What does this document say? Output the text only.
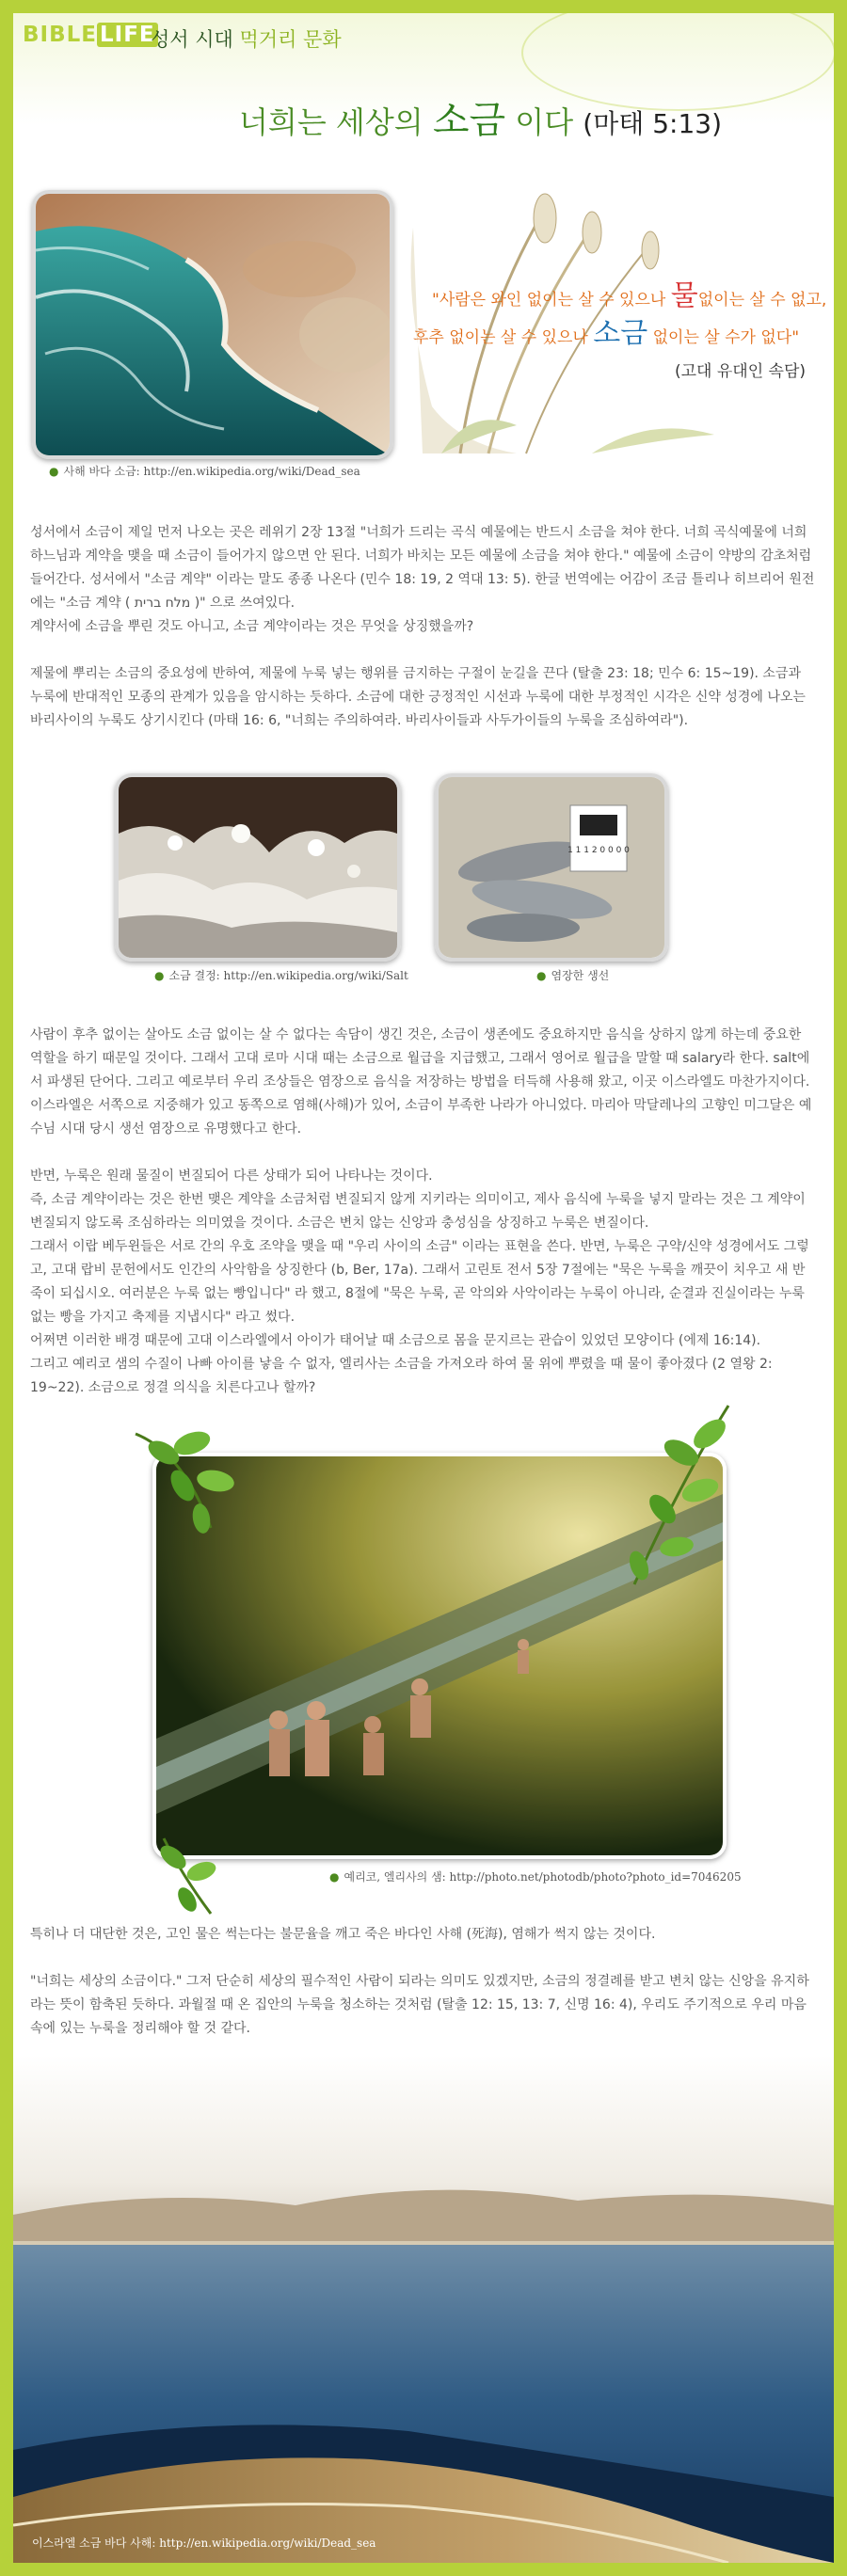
BIBLE LIFE
성서 시대 먹거리 문화
너희는 세상의 소금 이다 (마태 5:13)
● 사해 바다 소금: http://en.wikipedia.org/wiki/Dead_sea
"사람은 와인 없이는 살 수 있으나 물없이는 살 수 없고,
후추 없이는 살 수 있으나 소금 없이는 살 수가 없다"
(고대 유대인 속담)

성서에서 소금이 제일 먼저 나오는 곳은 레위기 2장 13절 "너희가 드리는 곡식 예물에는 반드시 소금을 쳐야 한다. 너희 곡식예물에 너희 하느님과 계약을 맺을 때 소금이 들어가지 않으면 안 된다. 너희가 바치는 모든 예물에 소금을 쳐야 한다." 예물에 소금이 약방의 감초처럼 들어간다. 성서에서 "소금 계약" 이라는 말도 종종 나온다 (민수 18: 19, 2 역대 13: 5). 한글 번역에는 어감이 조금 틀리나 히브리어 원전에는 "소금 계약 ( מלח ברית )" 으로 쓰여있다.

계약서에 소금을 뿌린 것도 아니고, 소금 계약이라는 것은 무엇을 상징했을까?

제물에 뿌리는 소금의 중요성에 반하여, 제물에 누룩 넣는 행위를 금지하는 구절이 눈길을 끈다 (탈출 23: 18; 민수 6: 15~19). 소금과 누룩에 반대적인 모종의 관계가 있음을 암시하는 듯하다. 소금에 대한 긍정적인 시선과 누룩에 대한 부정적인 시각은 신약 성경에 나오는 바리사이의 누룩도 상기시킨다 (마태 16: 6, "너희는 주의하여라. 바리사이들과 사두가이들의 누룩을 조심하여라").

1 1 1 2 0 0 0 0
● 소금 결정: http://en.wikipedia.org/wiki/Salt	● 염장한 생선

사람이 후추 없이는 살아도 소금 없이는 살 수 없다는 속담이 생긴 것은, 소금이 생존에도 중요하지만 음식을 상하지 않게 하는데 중요한 역할을 하기 때문일 것이다. 그래서 고대 로마 시대 때는 소금으로 월급을 지급했고, 그래서 영어로 월급을 말할 때 salary라 한다. salt에서 파생된 단어다. 그리고 예로부터 우리 조상들은 염장으로 음식을 저장하는 방법을 터득해 사용해 왔고, 이곳 이스라엘도 마찬가지이다. 이스라엘은 서쪽으로 지중해가 있고 동쪽으로 염해(사해)가 있어, 소금이 부족한 나라가 아니었다. 마리아 막달레나의 고향인 미그달은 예수님 시대 당시 생선 염장으로 유명했다고 한다.

반면, 누룩은 원래 물질이 변질되어 다른 상태가 되어 나타나는 것이다.

즉, 소금 계약이라는 것은 한번 맺은 계약을 소금처럼 변질되지 않게 지키라는 의미이고, 제사 음식에 누룩을 넣지 말라는 것은 그 계약이 변질되지 않도록 조심하라는 의미였을 것이다. 소금은 변치 않는 신앙과 충성심을 상징하고 누룩은 변질이다.

그래서 이랍 베두윈들은 서로 간의 우호 조약을 맺을 때 "우리 사이의 소금" 이라는 표현을 쓴다. 반면, 누룩은 구약/신약 성경에서도 그렇고, 고대 랍비 문헌에서도 인간의 사악함을 상징한다 (b, Ber, 17a). 그래서 고린토 전서 5장 7절에는 "묵은 누룩을 깨끗이 치우고 새 반죽이 되십시오. 여러분은 누룩 없는 빵입니다" 라 했고, 8절에 "묵은 누룩, 곧 악의와 사악이라는 누룩이 아니라, 순결과 진실이라는 누룩 없는 빵을 가지고 축제를 지냅시다" 라고 썼다.

어쩌면 이러한 배경 때문에 고대 이스라엘에서 아이가 태어날 때 소금으로 몸을 문지르는 관습이 있었던 모양이다 (에제 16:14).

그리고 예리코 샘의 수질이 나빠 아이를 낳을 수 없자, 엘리사는 소금을 가져오라 하여 물 위에 뿌렸을 때 물이 좋아졌다 (2 열왕 2: 19~22). 소금으로 정결 의식을 치른다고나 할까?

● 예리코, 엘리사의 샘: http://photo.net/photodb/photo?photo_id=7046205

특히나 더 대단한 것은, 고인 물은 썩는다는 불문율을 깨고 죽은 바다인 사해 (死海), 염해가 썩지 않는 것이다.

"너희는 세상의 소금이다." 그저 단순히 세상의 필수적인 사람이 되라는 의미도 있겠지만, 소금의 정결례를 받고 변치 않는 신앙을 유지하라는 뜻이 함축된 듯하다. 과월절 때 온 집안의 누룩을 청소하는 것처럼 (탈출 12: 15, 13: 7, 신명 16: 4), 우리도 주기적으로 우리 마음 속에 있는 누룩을 정리해야 할 것 같다.

이스라엘 소금 바다 사해: http://en.wikipedia.org/wiki/Dead_sea
